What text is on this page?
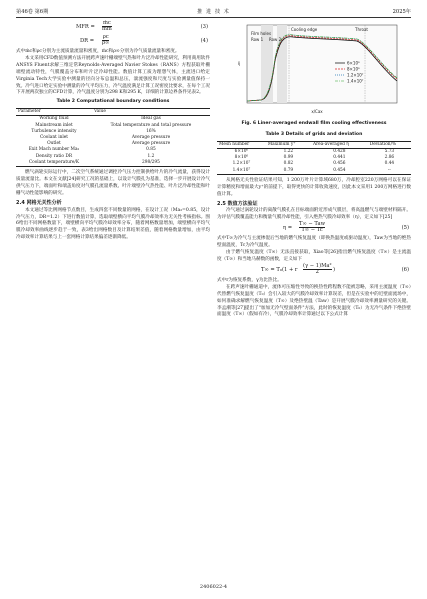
第46卷 第6期	推 进 技 术	2025年
MFR = $\frac{\text{ṁc}}{\text{ṁm}}$	(3)
DR = $\frac{\rho c}{\rho\infty}$	(4)

式中ṁc和ρc分别为主流质量流量和密度，ṁc和ρ∞分别为冷气质量流量和密度。

本文采用CFD数值预测方法开展跨声速叶栅端壁气热和叶片泛冷却性能研究，利用商用软件ANSYS Fluent求解三维定常Reynolds-Averaged Navier Stokes（RANS）方程获取叶栅端壁流动特性，气膜覆盖分布和叶片泛冷却性能。数值计算工质为理想气体，主流进口给定Virginia Tech大学实验中测量的径向分布总温和总压，湍流强度和尺度与实验测量值保持一致。冷气进口给定实验中测量的冷气平均压力，冷气温度满足计算工况密度比要求，在每个工况下开展两次独立的CFD计算，冷气温度分别为298 K和295 K，详细的计算边界条件见表2。

Table 2 Computational boundary conditions
Parameter	Value
Working fluid	Ideal gas
Mainstream inlet	Total temperature and total pressure
Turbulence intensity	16%
Coolant inlet	Average pressure
Outlet	Average pressure
Exit Mach number Ma₂	0.85
Density ratio DR	1.2
Coolant temperature/K	298/295

燃气涡轮实际运行中，二次空气系统通过调控冷气压力控制供给叶片的冷气流量，获得设计质量流量比。本文在文献[24]研究工况的基础上，以设计气膜孔为基准，选择一步开展设计冷气供气压力下，端面叶和端盖角度对气膜孔流量系数、叶片端壁冷气热性能、叶片泛冷却性能和叶栅气动性能影响的研究。

2.4 网格无关性分析

本文通过等比例网格节点数目，生成四套不同数量的网格，在设计工况（Ma₂=0.85，设计冷气压力，DR=1.2）下进行数值计算，选取端壁横向平均气膜冷却效率为无关性考核指标。图6给出不同网格数量下，端壁横向平均气膜冷却效率分布，随着网格数量增加，端壁横向平均气膜冷却效率曲线逐步趋于一致，表3给出网格数目及计算结果差值，随着网格数量增加，由平均冷却效率计算结果与上一套网格计算结果偏差逐渐降低。

Film holes
Row 1 Row 2
Cooling edge	Throat
6×10⁶
8×10⁶
1.2×10⁷
1.4×10⁷
x/Cax
η̄
Fig. 6 Liner-averaged endwall film cooling effectiveness
Table 3 Details of grids and deviation
Mesh number	Maximum y⁺	Area-averaged η	Deviation/%
6×10⁶	1.22	0.428	5.73
8×10⁶	0.99	0.441	2.86
1.2×10⁷	0.82	0.456	0.44
1.4×10⁷	0.79	0.454	--

从网格无关性验证结果可知，1 200万叶片计算域680万，冷却腔室220万网格可以在保证计算精度和增面最大y⁺的前提下，取得更快的计算收敛速度，因此本文采用1 200万网格进行数值计算。

2.5 数值方法验证

冷气通过涡轮设计的离散气膜孔在目标端面附近形成气膜层，将高温燃气与端壁材料隔开。为评估气膜覆盖能力和衡量气膜冷却性能，引入绝热气膜冷却效率（η），定义如下[25]

η =
T∞ − Taw
T∞ − Tc	(5)

式中T∞为冷气与主流掺混后当地的燃气恢复温度（即换热温度或驱动温度），Taw为当地的绝热壁面温度，Tc为冷气温度。

由于燃气恢复温度（T∞）无法直接获取，Xiao等[26]指出燃气恢复温度（T∞）是主流温度（T∞）和当地马赫数的函数，定义如下

T∞ = T₀(1 + r $\frac{\text{(γ − 1)Ma²}}{2}$ )	(6)

式中r为恢复系数，γ为比热比。

在跨声速叶栅通道中，流体可压缩性导致的换热性跨程数不能被忽略，采用主流温度（T∞）代替燃气恢复温度（T₀）会引入较大的气膜冷却效率计算误差，但是在实验中的近壁面流场中，如何准确求解燃气恢复温度（T∞）及绝热壁温（Taw）是开展气膜冷却效率测量研究的关键。李孟潮等[27]提出了"加加无冷气壁面条件"方法，此时的恢复温度（T₀）为无冷气条件下绝热壁面温度（T∞）（假如有冷），气膜冷却效率计算通过以下公式计算

2406022-4
